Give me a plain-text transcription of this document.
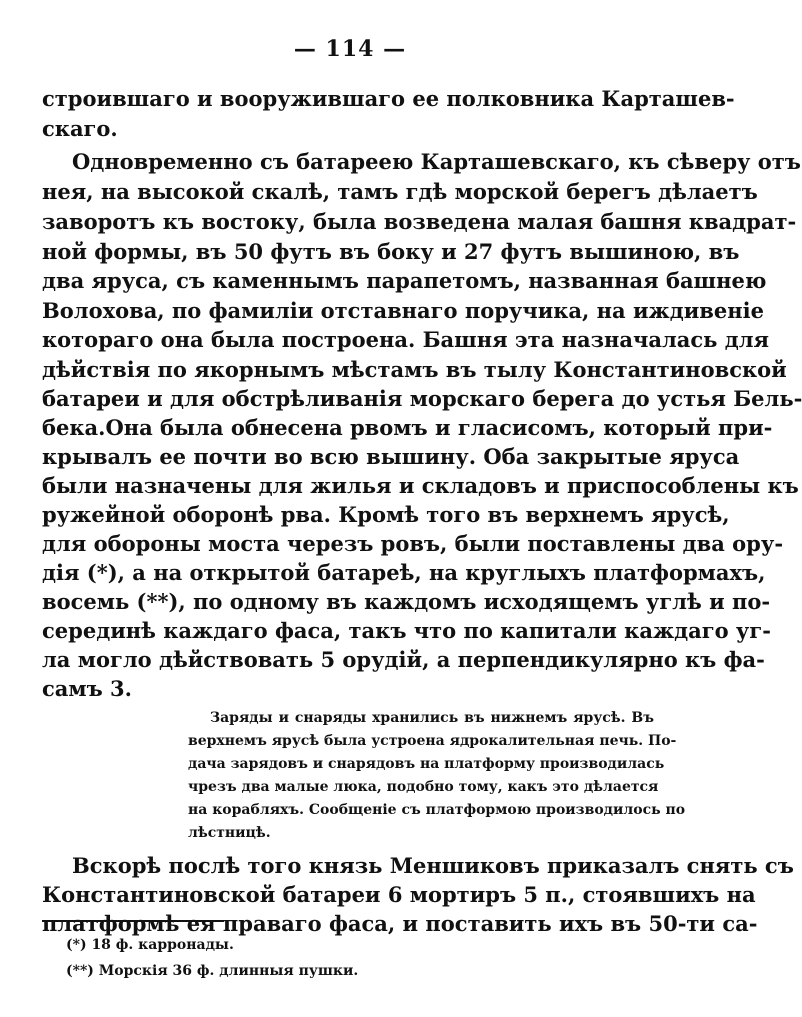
— 114 —
строившаго и вооружившаго ее полковника Карташев-
скаго.
Одновременно съ батареею Карташевскаго, къ сѣверу отъ
нея, на высокой скалѣ, тамъ гдѣ морской берегъ дѣлаетъ
заворотъ къ востоку, была возведена малая башня квадрат-
ной формы, въ 50 футъ въ боку и 27 футъ вышиною, въ
два яруса, съ каменнымъ парапетомъ, названная башнею
Волохова, по фамиліи отставнаго поручика, на иждивеніе
котораго она была построена. Башня эта назначалась для
дѣйствія по якорнымъ мѣстамъ въ тылу Константиновской
батареи и для обстрѣливанія морскаго берега до устья Бель-
бека.Она была обнесена рвомъ и гласисомъ, который при-
крывалъ ее почти во всю вышину. Оба закрытые яруса
были назначены для жилья и складовъ и приспособлены къ
ружейной оборонѣ рва. Кромѣ того въ верхнемъ ярусѣ,
для обороны моста черезъ ровъ, были поставлены два ору-
дія (*), а на открытой батареѣ, на круглыхъ платформахъ,
восемь (**), по одному въ каждомъ исходящемъ углѣ и по-
серединѣ каждаго фаса, такъ что по капитали каждаго уг-
ла могло дѣйствовать 5 орудій, а перпендикулярно къ фа-
самъ 3.
Заряды и снаряды хранились въ нижнемъ ярусѣ. Въ
верхнемъ ярусѣ была устроена ядрокалительная печь. По-
дача зарядовъ и снарядовъ на платформу производилась
чрезъ два малые люка, подобно тому, какъ это дѣлается
на корабляхъ. Сообщеніе съ платформою производилось по
лѣстницѣ.
Вскорѣ послѣ того князь Меншиковъ приказалъ снять съ
Константиновской батареи 6 мортиръ 5 п., стоявшихъ на
платформѣ ея праваго фаса, и поставить ихъ въ 50-ти са-
(*) 18 ф. карронады.
(**) Морскія 36 ф. длинныя пушки.
